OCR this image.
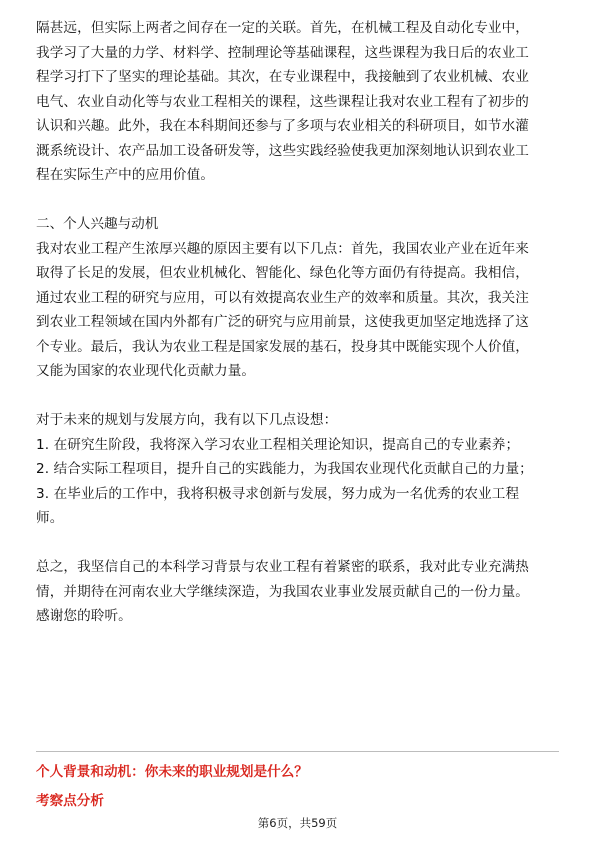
隔甚远，但实际上两者之间存在一定的关联。首先，在机械工程及自动化专业中，
我学习了大量的力学、材料学、控制理论等基础课程，这些课程为我日后的农业工
程学习打下了坚实的理论基础。其次，在专业课程中，我接触到了农业机械、农业
电气、农业自动化等与农业工程相关的课程，这些课程让我对农业工程有了初步的
认识和兴趣。此外，我在本科期间还参与了多项与农业相关的科研项目，如节水灌
溉系统设计、农产品加工设备研发等，这些实践经验使我更加深刻地认识到农业工
程在实际生产中的应用价值。

二、个人兴趣与动机

我对农业工程产生浓厚兴趣的原因主要有以下几点：首先，我国农业产业在近年来
取得了长足的发展，但农业机械化、智能化、绿色化等方面仍有待提高。我相信，
通过农业工程的研究与应用，可以有效提高农业生产的效率和质量。其次，我关注
到农业工程领域在国内外都有广泛的研究与应用前景，这使我更加坚定地选择了这
个专业。最后，我认为农业工程是国家发展的基石，投身其中既能实现个人价值，
又能为国家的农业现代化贡献力量。

对于未来的规划与发展方向，我有以下几点设想：
1. 在研究生阶段，我将深入学习农业工程相关理论知识，提高自己的专业素养；
2. 结合实际工程项目，提升自己的实践能力，为我国农业现代化贡献自己的力量；
3. 在毕业后的工作中，我将积极寻求创新与发展，努力成为一名优秀的农业工程
师。

总之，我坚信自己的本科学习背景与农业工程有着紧密的联系，我对此专业充满热
情，并期待在河南农业大学继续深造，为我国农业事业发展贡献自己的一份力量。
感谢您的聆听。

个人背景和动机：你未来的职业规划是什么？
考察点分析
第6页，共59页
